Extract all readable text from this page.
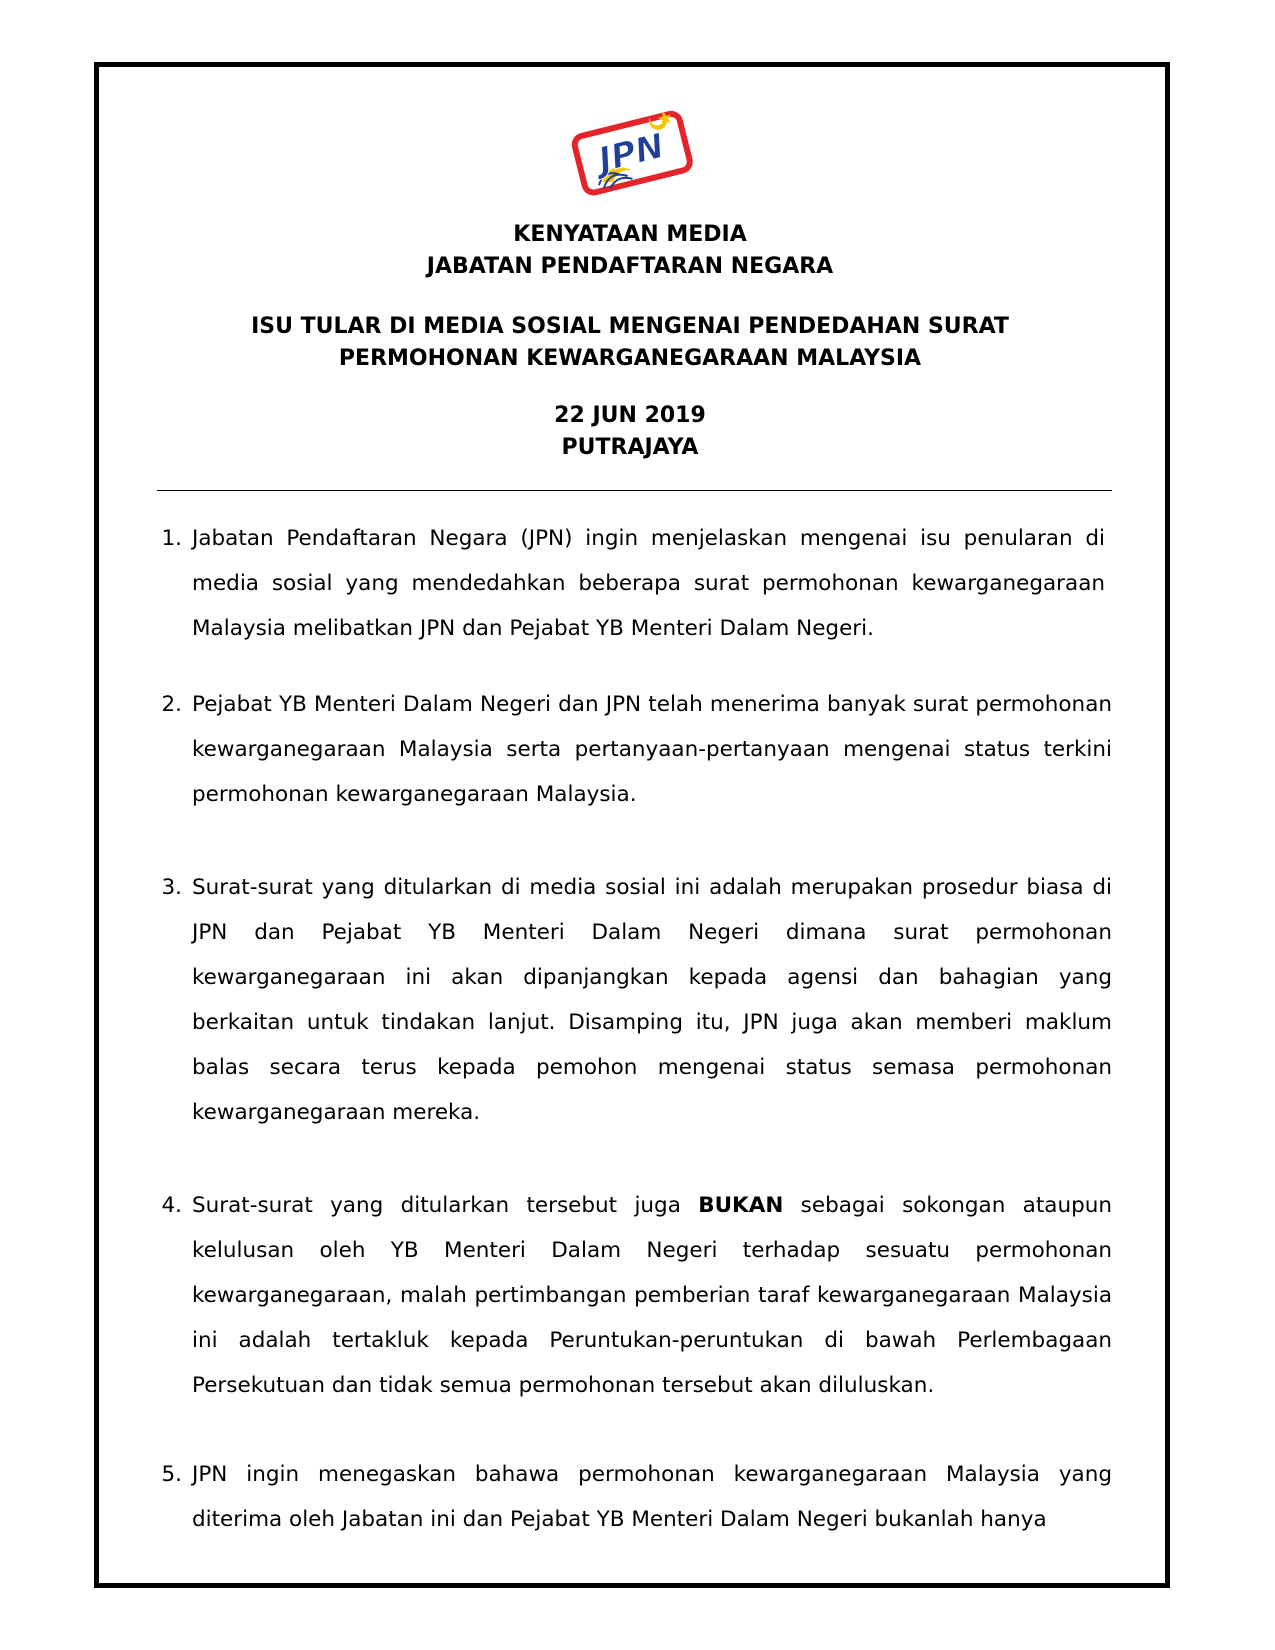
JPN
KENYATAAN MEDIA
JABATAN PENDAFTARAN NEGARA
ISU TULAR DI MEDIA SOSIAL MENGENAI PENDEDAHAN SURAT
PERMOHONAN KEWARGANEGARAAN MALAYSIA
22 JUN 2019
PUTRAJAYA
1. Jabatan Pendaftaran Negara (JPN) ingin menjelaskan mengenai isu penularan di media sosial yang mendedahkan beberapa surat permohonan kewarganegaraan Malaysia melibatkan JPN dan Pejabat YB Menteri Dalam Negeri.
2. Pejabat YB Menteri Dalam Negeri dan JPN telah menerima banyak surat permohonan kewarganegaraan Malaysia serta pertanyaan-pertanyaan mengenai status terkini permohonan kewarganegaraan Malaysia.
3. Surat-surat yang ditularkan di media sosial ini adalah merupakan prosedur biasa di JPN dan Pejabat YB Menteri Dalam Negeri dimana surat permohonan kewarganegaraan ini akan dipanjangkan kepada agensi dan bahagian yang berkaitan untuk tindakan lanjut. Disamping itu, JPN juga akan memberi maklum balas secara terus kepada pemohon mengenai status semasa permohonan kewarganegaraan mereka.
4. Surat-surat yang ditularkan tersebut juga BUKAN sebagai sokongan ataupun kelulusan oleh YB Menteri Dalam Negeri terhadap sesuatu permohonan kewarganegaraan, malah pertimbangan pemberian taraf kewarganegaraan Malaysia ini adalah tertakluk kepada Peruntukan-peruntukan di bawah Perlembagaan Persekutuan dan tidak semua permohonan tersebut akan diluluskan.
5. JPN ingin menegaskan bahawa permohonan kewarganegaraan Malaysia yang diterima oleh Jabatan ini dan Pejabat YB Menteri Dalam Negeri bukanlah hanya
